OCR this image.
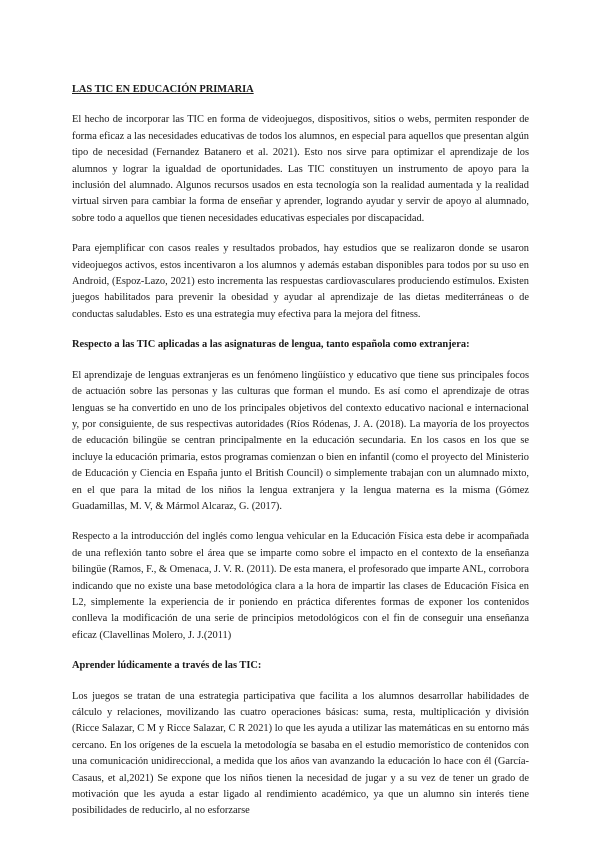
LAS TIC EN EDUCACIÓN PRIMARIA

El hecho de incorporar las TIC en forma de videojuegos, dispositivos, sitios o webs, permiten responder de forma eficaz a las necesidades educativas de todos los alumnos, en especial para aquellos que presentan algún tipo de necesidad (Fernandez Batanero et al. 2021). Esto nos sirve para optimizar el aprendizaje de los alumnos y lograr la igualdad de oportunidades. Las TIC constituyen un instrumento de apoyo para la inclusión del alumnado. Algunos recursos usados en esta tecnología son la realidad aumentada y la realidad virtual sirven para cambiar la forma de enseñar y aprender, logrando ayudar y servir de apoyo al alumnado, sobre todo a aquellos que tienen necesidades educativas especiales por discapacidad.

Para ejemplificar con casos reales y resultados probados, hay estudios que se realizaron donde se usaron videojuegos activos, estos incentivaron a los alumnos y además estaban disponibles para todos por su uso en Android, (Espoz-Lazo, 2021) esto incrementa las respuestas cardiovasculares produciendo estímulos. Existen juegos habilitados para prevenir la obesidad y ayudar al aprendizaje de las dietas mediterráneas o de conductas saludables. Esto es una estrategia muy efectiva para la mejora del fitness.

Respecto a las TIC aplicadas a las asignaturas de lengua, tanto española como extranjera:

El aprendizaje de lenguas extranjeras es un fenómeno lingüístico y educativo que tiene sus principales focos de actuación sobre las personas y las culturas que forman el mundo. Es así como el aprendizaje de otras lenguas se ha convertido en uno de los principales objetivos del contexto educativo nacional e internacional y, por consiguiente, de sus respectivas autoridades (Ríos Ródenas, J. A. (2018). La mayoría de los proyectos de educación bilingüe se centran principalmente en la educación secundaria. En los casos en los que se incluye la educación primaria, estos programas comienzan o bien en infantil (como el proyecto del Ministerio de Educación y Ciencia en España junto el British Council) o simplemente trabajan con un alumnado mixto, en el que para la mitad de los niños la lengua extranjera y la lengua materna es la misma (Gómez Guadamillas, M. V, & Mármol Alcaraz, G. (2017).

Respecto a la introducción del inglés como lengua vehicular en la Educación Física esta debe ir acompañada de una reflexión tanto sobre el área que se imparte como sobre el impacto en el contexto de la enseñanza bilingüe (Ramos, F., & Omenaca, J. V. R. (2011). De esta manera, el profesorado que imparte ANL, corrobora indicando que no existe una base metodológica clara a la hora de impartir las clases de Educación Física en L2, simplemente la experiencia de ir poniendo en práctica diferentes formas de exponer los contenidos conlleva la modificación de una serie de principios metodológicos con el fin de conseguir una enseñanza eficaz (Clavellinas Molero, J. J.(2011)

Aprender lúdicamente a través de las TIC:

Los juegos se tratan de una estrategia participativa que facilita a los alumnos desarrollar habilidades de cálculo y relaciones, movilizando las cuatro operaciones básicas: suma, resta, multiplicación y división (Ricce Salazar, C M y Ricce Salazar, C R 2021) lo que les ayuda a utilizar las matemáticas en su entorno más cercano. En los orígenes de la escuela la metodología se basaba en el estudio memorístico de contenidos con una comunicación unidireccional, a medida que los años van avanzando la educación lo hace con él (García-Casaus, et al,2021) Se expone que los niños tienen la necesidad de jugar y a su vez de tener un grado de motivación que les ayuda a estar ligado al rendimiento académico, ya que un alumno sin interés tiene posibilidades de reducirlo, al no esforzarse
